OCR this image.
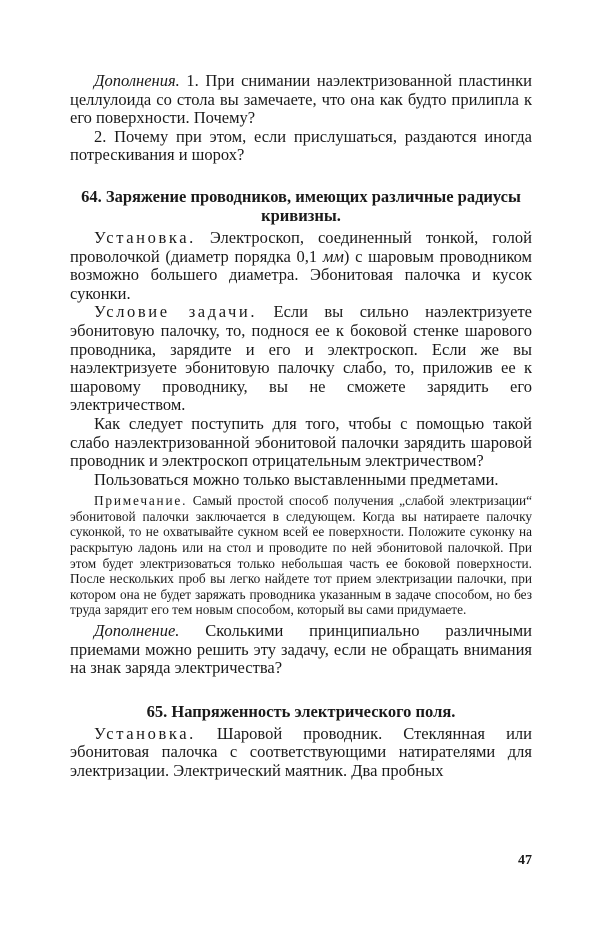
Дополнения. 1. При снимании наэлектризованной пластинки целлулоида со стола вы замечаете, что она как будто прилипла к его поверхности. Почему?

2. Почему при этом, если прислушаться, раздаются иногда потрескивания и шорох?

64. Заряжение проводников, имеющих различные радиусы кривизны.

Установка. Электроскоп, соединенный тонкой, голой проволочкой (диаметр порядка 0,1 мм) с шаровым проводником возможно большего диаметра. Эбонитовая палочка и кусок суконки.

Условие задачи. Если вы сильно наэлектризуете эбонитовую палочку, то, поднося ее к боковой стенке шарового проводника, зарядите и его и электроскоп. Если же вы наэлектризуете эбонитовую палочку слабо, то, приложив ее к шаровому проводнику, вы не сможете зарядить его электричеством.

Как следует поступить для того, чтобы с помощью такой слабо наэлектризованной эбонитовой палочки зарядить шаровой проводник и электроскоп отрицательным электричеством?

Пользоваться можно только выставленными предметами.

Примечание. Самый простой способ получения „слабой электризации“ эбонитовой палочки заключается в следующем. Когда вы натираете палочку суконкой, то не охватывайте сукном всей ее поверхности. Положите суконку на раскрытую ладонь или на стол и проводите по ней эбонитовой палочкой. При этом будет электризоваться только небольшая часть ее боковой поверхности. После нескольких проб вы легко найдете тот прием электризации палочки, при котором она не будет заряжать проводника указанным в задаче способом, но без труда зарядит его тем новым способом, который вы сами придумаете.

Дополнение. Сколькими принципиально различными приемами можно решить эту задачу, если не обращать внимания на знак заряда электричества?

65. Напряженность электрического поля.

Установка. Шаровой проводник. Стеклянная или эбонитовая палочка с соответствующими натирателями для электризации. Электрический маятник. Два пробных

47
